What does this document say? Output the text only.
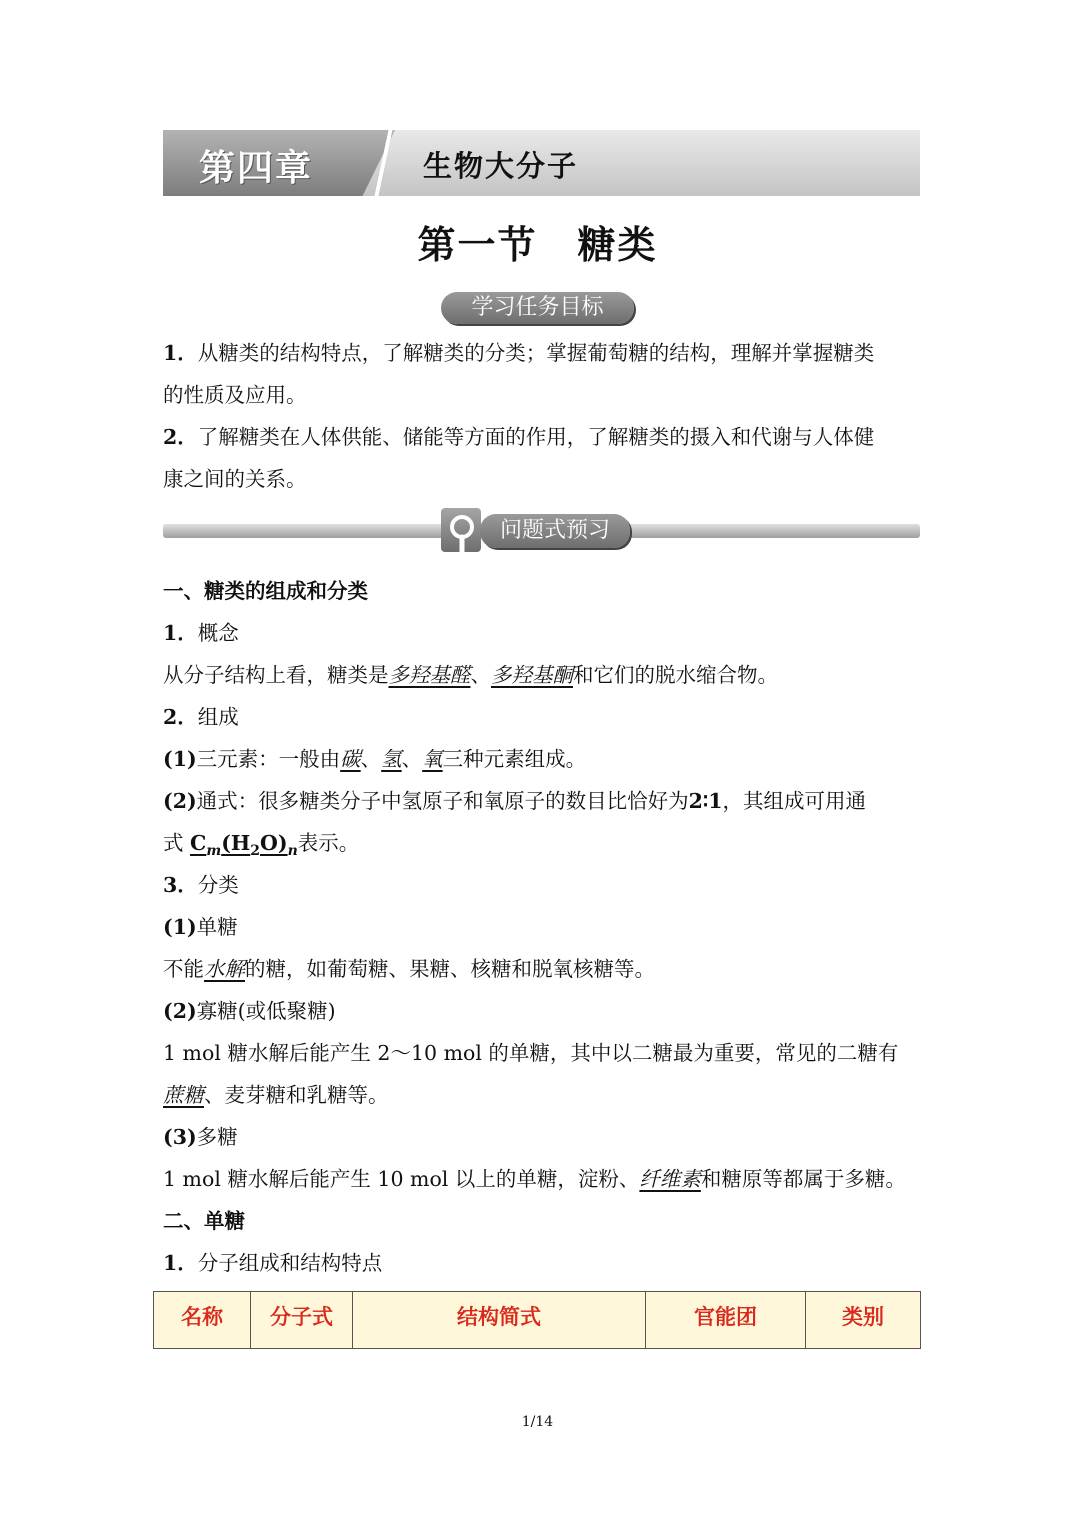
第四章	生物大分子
第一节　糖类
学习任务目标
1．从糖类的结构特点，了解糖类的分类；掌握葡萄糖的结构，理解并掌握糖类
的性质及应用。
2．了解糖类在人体供能、储能等方面的作用，了解糖类的摄入和代谢与人体健
康之间的关系。
问题式预习
一、糖类的组成和分类
1．概念
从分子结构上看，糖类是多羟基醛、多羟基酮和它们的脱水缩合物。
2．组成
(1)三元素：一般由碳、氢、氧三种元素组成。
(2)通式：很多糖类分子中氢原子和氧原子的数目比恰好为2∶1，其组成可用通
式 $C_m(H_2O)_n$表示。
3．分类
(1)单糖
不能水解的糖，如葡萄糖、果糖、核糖和脱氧核糖等。
(2)寡糖(或低聚糖)
1 mol 糖水解后能产生 2～10 mol 的单糖，其中以二糖最为重要，常见的二糖有
蔗糖、麦芽糖和乳糖等。
(3)多糖
1 mol 糖水解后能产生 10 mol 以上的单糖，淀粉、纤维素和糖原等都属于多糖。
二、单糖
1．分子组成和结构特点
名称	分子式	结构简式	官能团	类别
1/14
